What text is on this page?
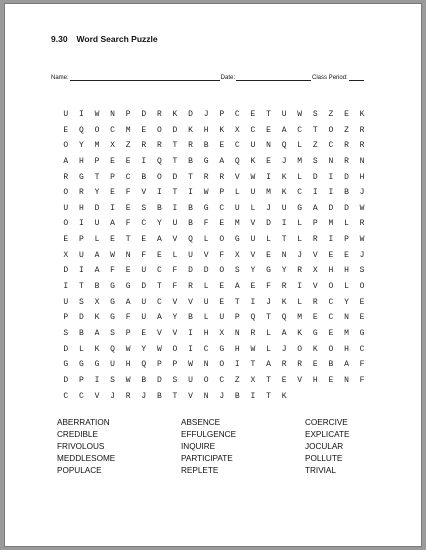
9.30 Word Search Puzzle
Name:	Date:	Class Period:
U	I	W	N	P	D	R	K	D	J	P	C	E	T	U	W	S	Z	E	K
E	Q	O	C	M	E	O	D	K	H	K	X	C	E	A	C	T	O	Z	R
O	Y	M	X	Z	R	R	T	R	B	E	C	U	N	Q	L	Z	C	R	R
A	H	P	E	E	I	Q	T	B	G	A	Q	K	E	J	M	S	N	R	N
R	G	T	P	C	B	O	D	T	R	R	V	W	I	K	L	D	I	D	H
O	R	Y	E	F	V	I	T	I	W	P	L	U	M	K	C	I	I	B	J
U	H	D	I	E	S	B	I	B	G	C	U	L	J	U	G	A	D	D	W
O	I	U	A	F	C	Y	U	B	F	E	M	V	D	I	L	P	M	L	R
E	P	L	E	T	E	A	V	Q	L	O	G	U	L	T	L	R	I	P	W
X	U	A	W	N	F	E	L	U	V	F	X	V	E	N	J	V	E	E	J
D	I	A	F	E	U	C	F	D	D	O	S	Y	G	Y	R	X	H	H	S
I	T	B	G	G	D	T	F	R	L	E	A	E	F	R	I	V	O	L	O
U	S	X	G	A	U	C	V	V	U	E	T	I	J	K	L	R	C	Y	E
P	D	K	G	F	U	A	Y	B	L	U	P	Q	T	Q	M	E	C	N	E
S	B	A	S	P	E	V	V	I	H	X	N	R	L	A	K	G	E	M	G
D	L	K	Q	W	Y	W	O	I	C	G	H	W	L	J	O	K	O	H	C
G	G	G	U	H	Q	P	P	W	N	O	I	T	A	R	R	E	B	A	F
D	P	I	S	W	B	D	S	U	O	C	Z	X	T	E	V	H	E	N	F
C	C	V	J	R	J	B	T	V	N	J	B	I	T	K
ABERRATION	ABSENCE	COERCIVE
CREDIBLE	EFFULGENCE	EXPLICATE
FRIVOLOUS	INQUIRE	JOCULAR
MEDDLESOME	PARTICIPATE	POLLUTE
POPULACE	REPLETE	TRIVIAL
